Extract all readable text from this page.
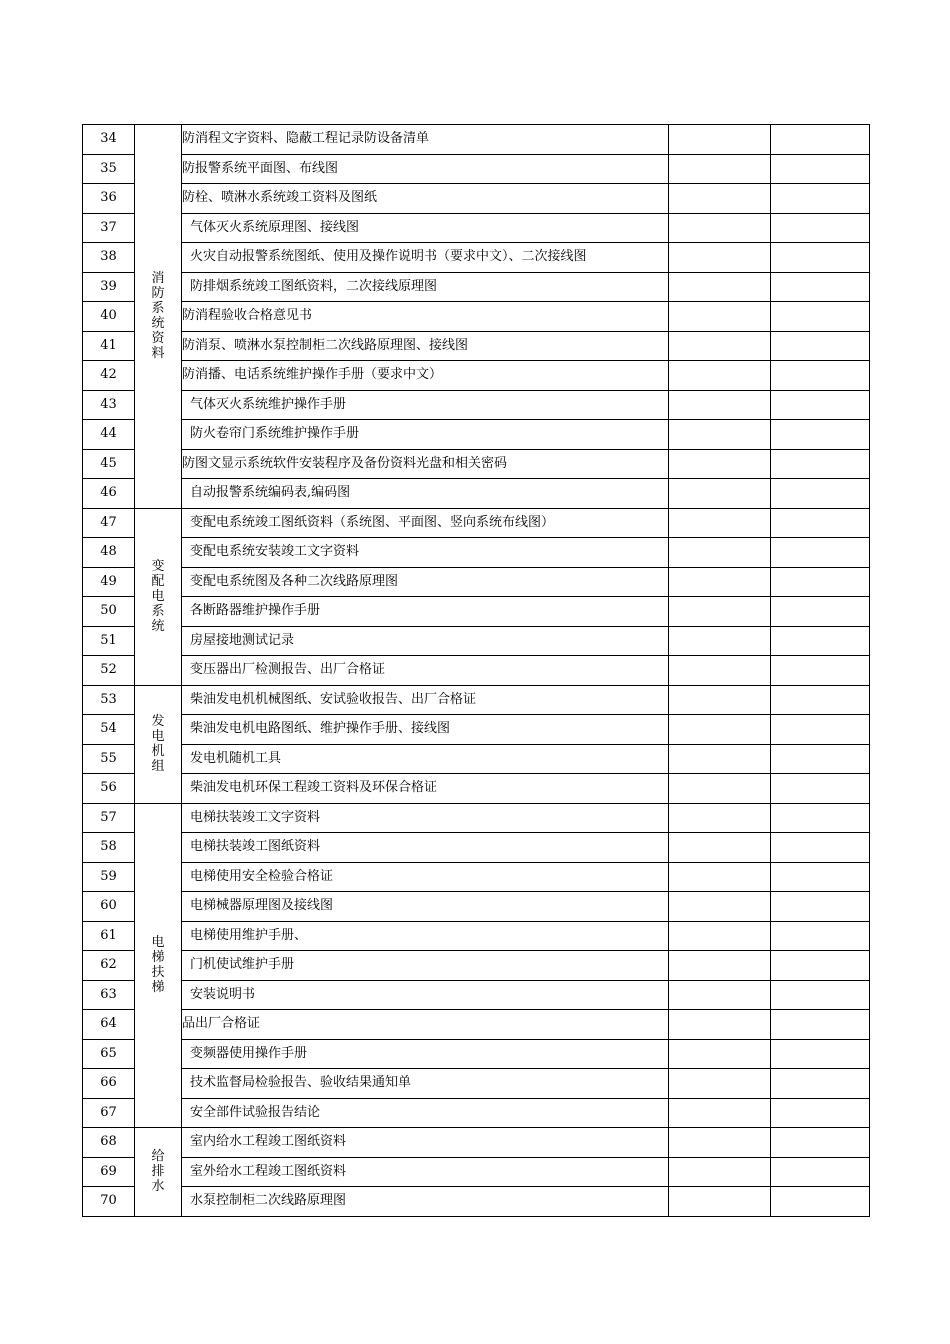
34	消防系统资料	防消程文字资料、隐蔽工程记录防设备清单		
35		防报警系统平面图、布线图		
36		防栓、喷淋水系统竣工资料及图纸		
37		气体灭火系统原理图、接线图		
38		火灾自动报警系统图纸、使用及操作说明书（要求中文）、二次接线图		
39		防排烟系统竣工图纸资料，二次接线原理图		
40		防消程验收合格意见书		
41		防消泵、喷淋水泵控制柜二次线路原理图、接线图		
42		防消播、电话系统维护操作手册（要求中文）		
43		气体灭火系统维护操作手册		
44		防火卷帘门系统维护操作手册		
45		防图文显示系统软件安装程序及备份资料光盘和相关密码		
46		自动报警系统编码表,编码图		
47	变配电系统	变配电系统竣工图纸资料（系统图、平面图、竖向系统布线图）		
48		变配电系统安装竣工文字资料		
49		变配电系统图及各种二次线路原理图		
50		各断路器维护操作手册		
51		房屋接地测试记录		
52		变压器出厂检测报告、出厂合格证		
53	发电机组	柴油发电机机械图纸、安试验收报告、出厂合格证		
54		柴油发电机电路图纸、维护操作手册、接线图		
55		发电机随机工具		
56		柴油发电机环保工程竣工资料及环保合格证		
57	电梯扶梯	电梯扶装竣工文字资料		
58		电梯扶装竣工图纸资料		
59		电梯使用安全检验合格证		
60		电梯械器原理图及接线图		
61		电梯使用维护手册、		
62		门机使试维护手册		
63		安装说明书		
64		品出厂合格证		
65		变频器使用操作手册		
66		技术监督局检验报告、验收结果通知单		
67		安全部件试验报告结论		
68	给排水	室内给水工程竣工图纸资料		
69		室外给水工程竣工图纸资料		
70		水泵控制柜二次线路原理图		
